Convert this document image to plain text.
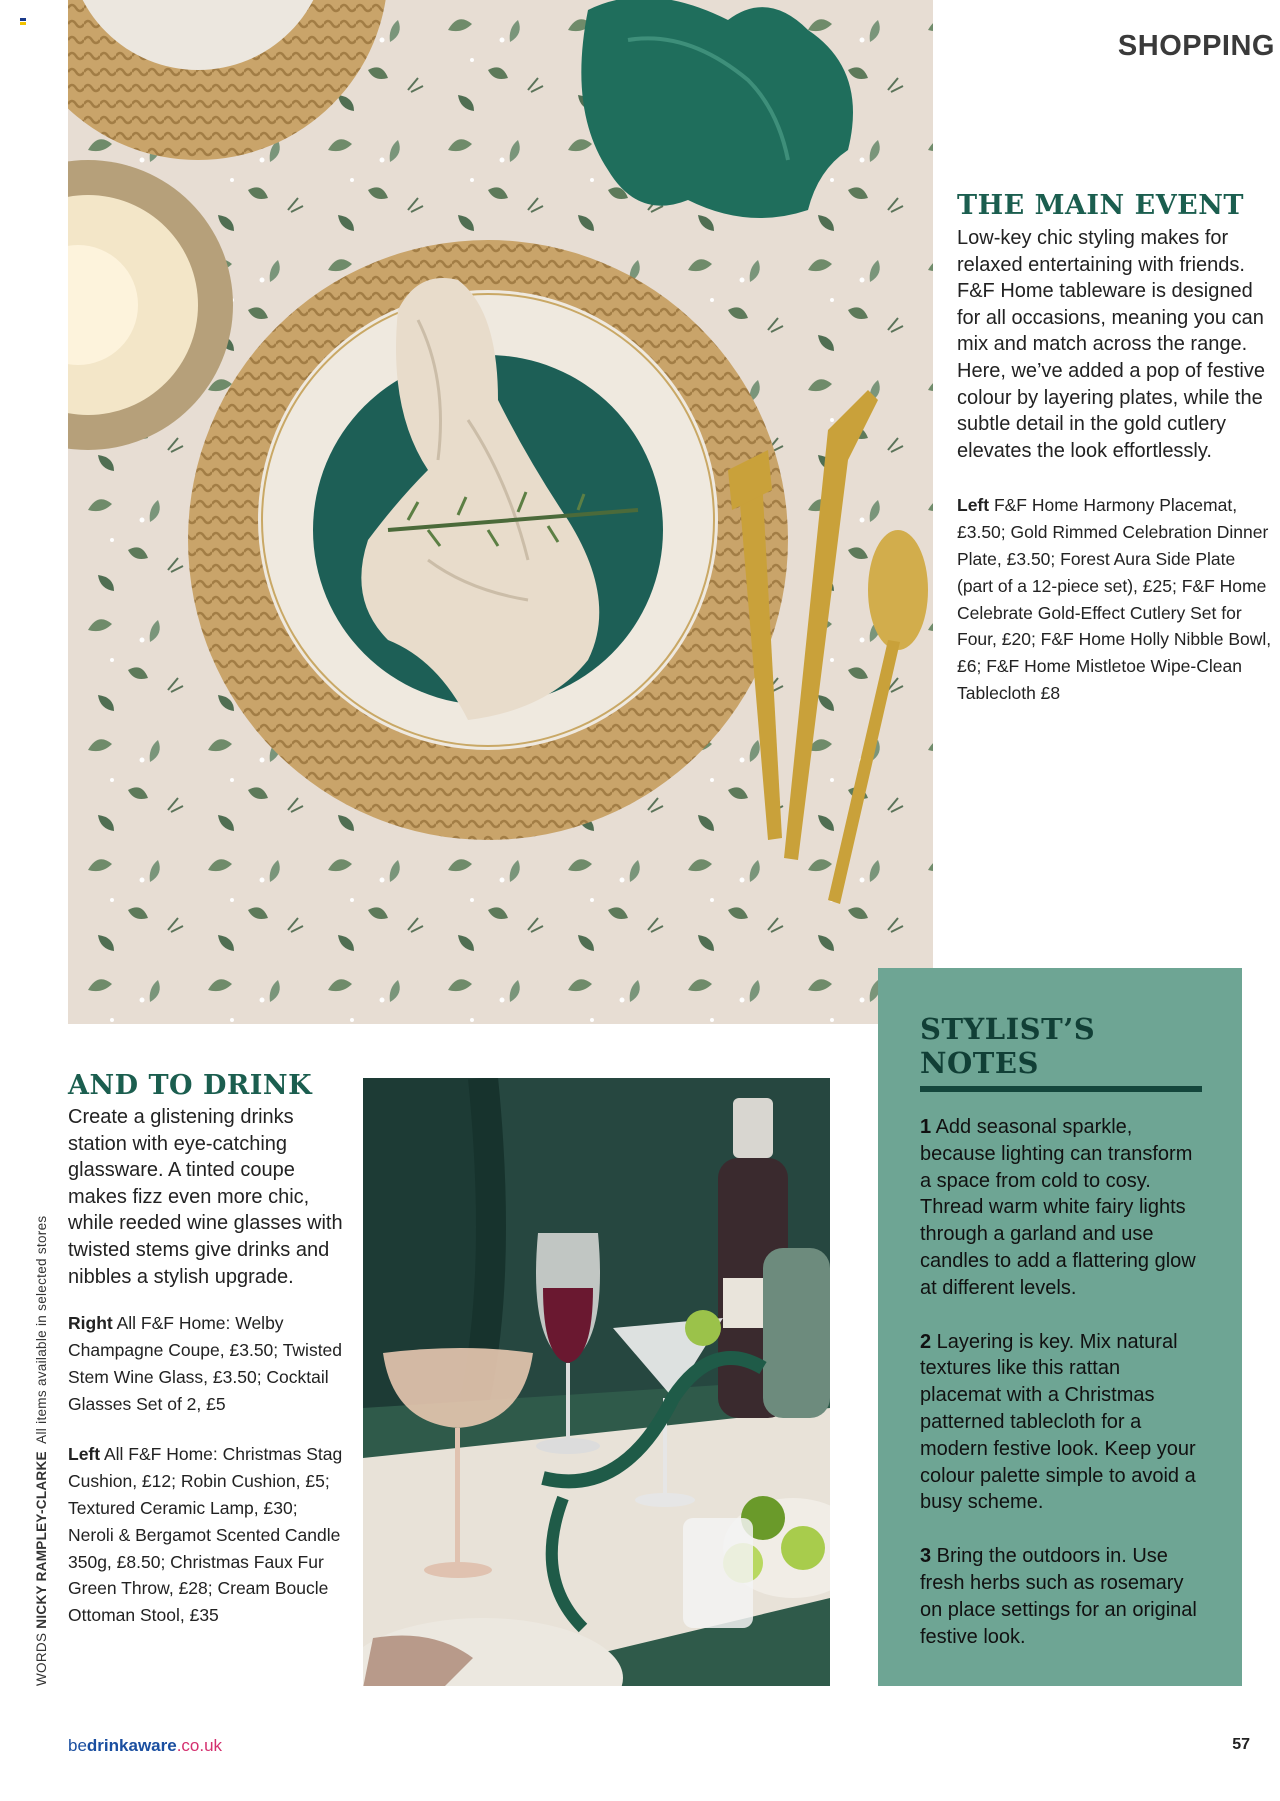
SHOPPING
THE MAIN EVENT

Low-key chic styling makes for relaxed entertaining with friends. F&F Home tableware is designed for all occasions, meaning you can mix and match across the range. Here, we’ve added a pop of festive colour by layering plates, while the subtle detail in the gold cutlery elevates the look effortlessly.

Left F&F Home Harmony Placemat, £3.50; Gold Rimmed Celebration Dinner Plate, £3.50; Forest Aura Side Plate (part of a 12-piece set), £25; F&F Home Celebrate Gold-Effect Cutlery Set for Four, £20; F&F Home Holly Nibble Bowl, £6; F&F Home Mistletoe Wipe-Clean Tablecloth £8

AND TO DRINK

Create a glistening drinks station with eye-catching glassware. A tinted coupe makes fizz even more chic, while reeded wine glasses with twisted stems give drinks and nibbles a stylish upgrade.

Right All F&F Home: Welby Champagne Coupe, £3.50; Twisted Stem Wine Glass, £3.50; Cocktail Glasses Set of 2, £5

Left All F&F Home: Christmas Stag Cushion, £12; Robin Cushion, £5; Textured Ceramic Lamp, £30; Neroli & Bergamot Scented Candle 350g, £8.50; Christmas Faux Fur Green Throw, £28; Cream Boucle Ottoman Stool, £35

STYLIST’S NOTES

1 Add seasonal sparkle, because lighting can transform a space from cold to cosy. Thread warm white fairy lights through a garland and use candles to add a flattering glow at different levels.

2 Layering is key. Mix natural textures like this rattan placemat with a Christmas patterned tablecloth for a modern festive look. Keep your colour palette simple to avoid a busy scheme.

3 Bring the outdoors in. Use fresh herbs such as rosemary on place settings for an original festive look.

WORDS NICKY RAMPLEY-CLARKE  All items available in selected stores
bedrinkaware.co.uk	57
